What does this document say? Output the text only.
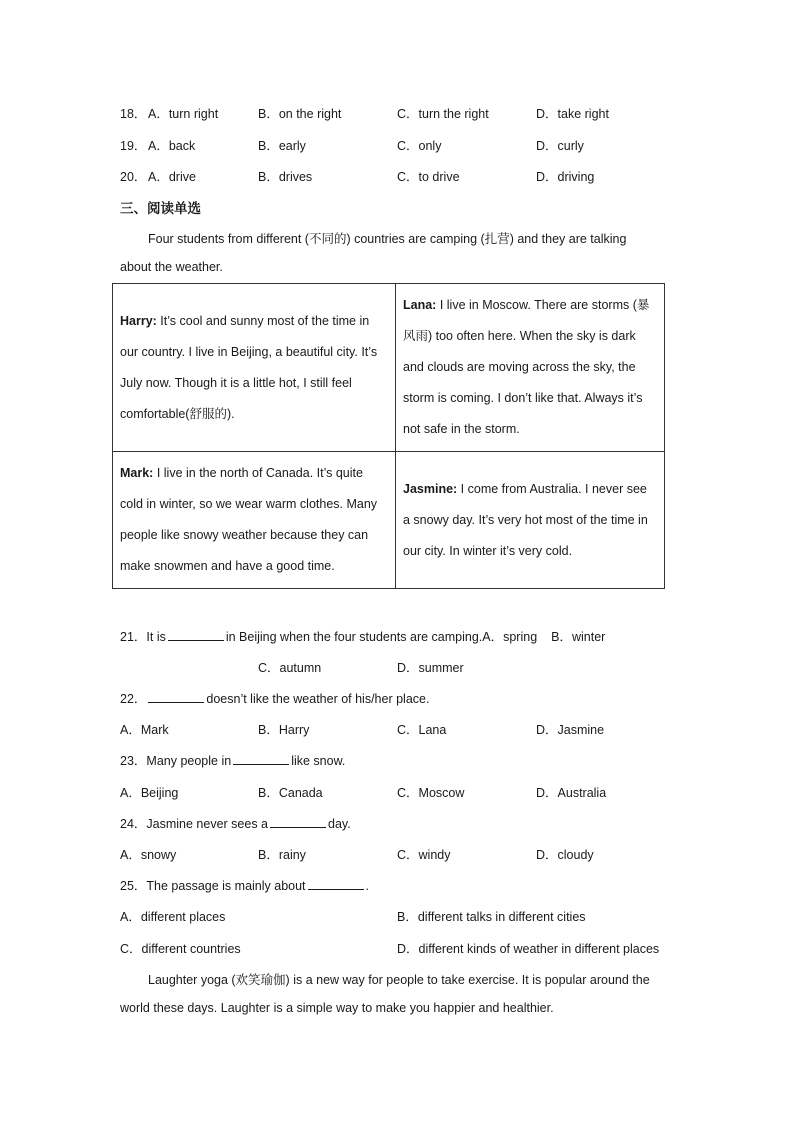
18． A．turn right	B．on the right	C．turn the right	D．take right
19． A．back	B．early	C．only	D．curly
20． A．drive	B．drives	C．to drive	D．driving
三、阅读单选
Four students from different (不同的) countries are camping (扎营) and they are talking
about the weather.
Harry: It’s cool and sunny most of the time in our country. I live in Beijing, a beautiful city. It’s July now. Though it is a little hot, I still feel comfortable(舒服的).	Lana: I live in Moscow. There are storms (暴风雨) too often here. When the sky is dark and clouds are moving across the sky, the storm is coming. I don’t like that. Always it’s not safe in the storm.
Mark: I live in the north of Canada. It’s quite cold in winter, so we wear warm clothes. Many people like snowy weather because they can make snowmen and have a good time.	Jasmine: I come from Australia. I never see a snowy day. It’s very hot most of the time in our city. In winter it’s very cold.
21．It is	in Beijing when the four students are camping.A．spring B．winter
C．autumn	D．summer
22．	doesn’t like the weather of his/her place.
A．Mark	B．Harry	C．Lana	D．Jasmine
23．Many people in	like snow.
A．Beijing	B．Canada	C．Moscow	D．Australia
24．Jasmine never sees a	day.
A．snowy	B．rainy	C．windy	D．cloudy
25．The passage is mainly about	.
A．different places	B．different talks in different cities
C．different countries	D．different kinds of weather in different places
Laughter yoga (欢笑瑜伽) is a new way for people to take exercise. It is popular around the
world these days. Laughter is a simple way to make you happier and healthier.
